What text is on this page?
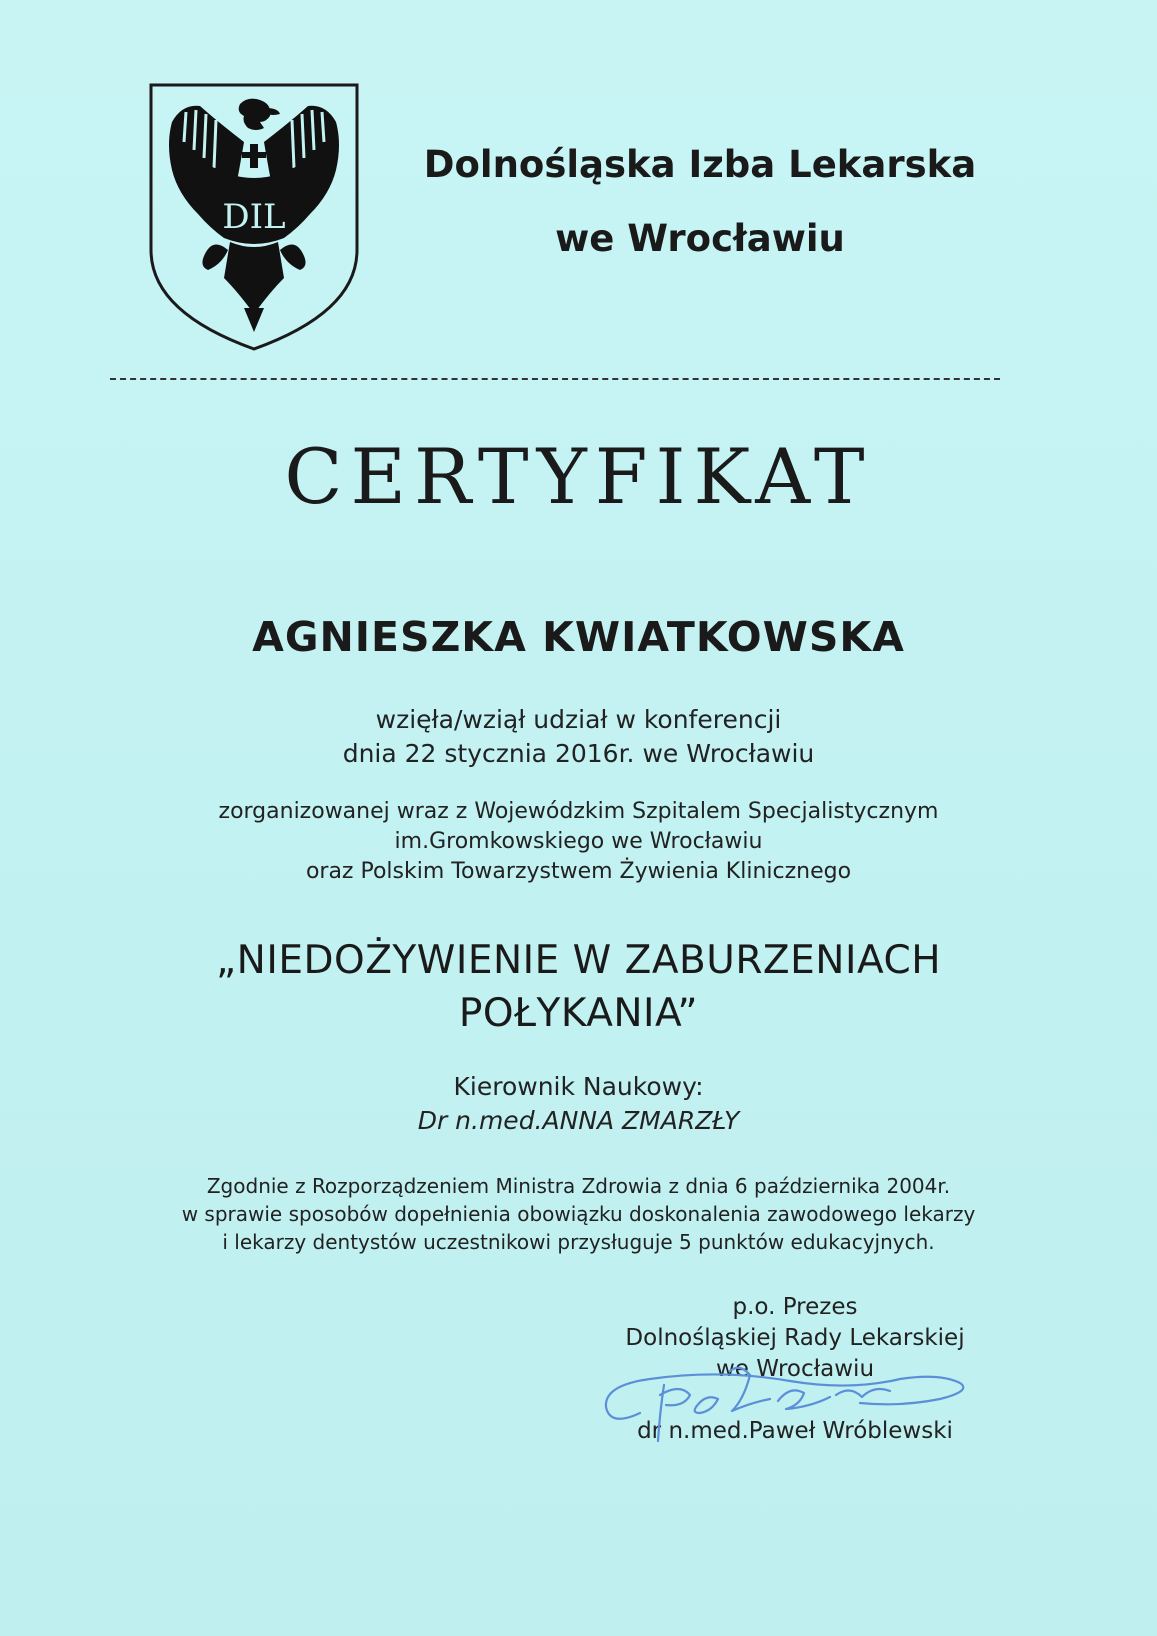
DIL
Dolnośląska Izba Lekarska
we Wrocławiu
CERTYFIKAT
AGNIESZKA KWIATKOWSKA
wzięła/wziął udział w konferencji
dnia 22 stycznia 2016r. we Wrocławiu
zorganizowanej wraz z Wojewódzkim Szpitalem Specjalistycznym
im.Gromkowskiego we Wrocławiu
oraz Polskim Towarzystwem Żywienia Klinicznego
„NIEDOŻYWIENIE W ZABURZENIACH
POŁYKANIA”
Kierownik Naukowy:
Dr n.med.ANNA ZMARZŁY
Zgodnie z Rozporządzeniem Ministra Zdrowia z dnia 6 października 2004r.
w sprawie sposobów dopełnienia obowiązku doskonalenia zawodowego lekarzy
i lekarzy dentystów uczestnikowi przysługuje 5 punktów edukacyjnych.
p.o. Prezes
Dolnośląskiej Rady Lekarskiej
we Wrocławiu
dr n.med.Paweł Wróblewski
